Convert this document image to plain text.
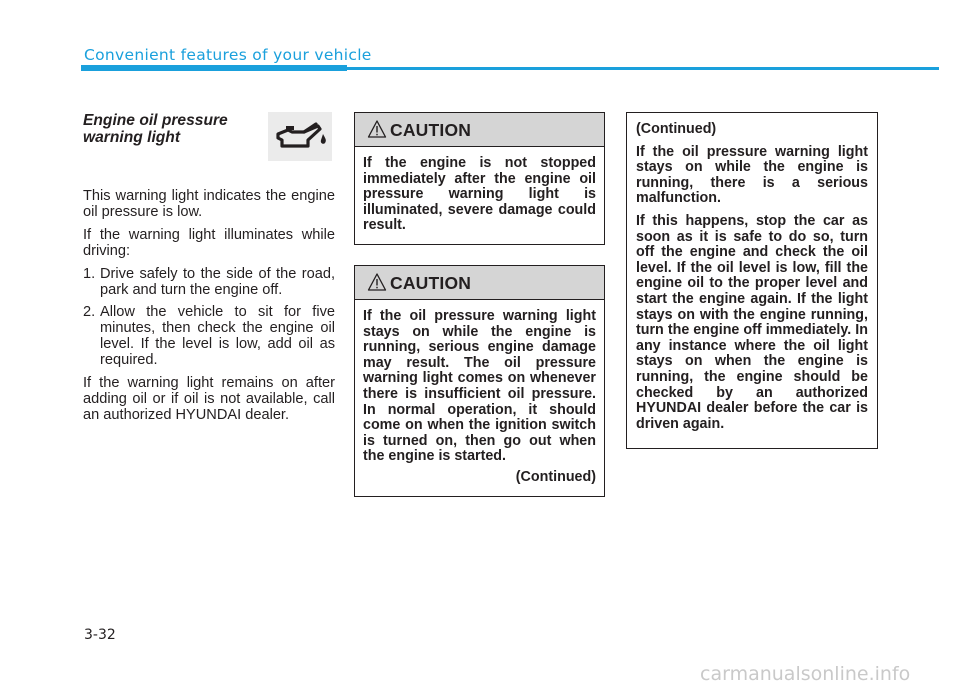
Convenient features of your vehicle
Engine oil pressure warning light

This warning light indicates the engine oil pressure is low.

If the warning light illuminates while driving:

1. Drive safely to the side of the road, park and turn the engine off.
2. Allow the vehicle to sit for five minutes, then check the engine oil level. If the level is low, add oil as required.

If the warning light remains on after adding oil or if oil is not available, call an authorized HYUNDAI dealer.

CAUTION
If the engine is not stopped immediately after the engine oil pressure warning light is illuminated, severe damage could result.
CAUTION
If the oil pressure warning light stays on while the engine is running, serious engine damage may result. The oil pressure warning light comes on whenever there is insufficient oil pressure. In normal operation, it should come on when the ignition switch is turned on, then go out when the engine is started.
(Continued)

(Continued)

If the oil pressure warning light stays on while the engine is running, there is a serious malfunction.

If this happens, stop the car as soon as it is safe to do so, turn off the engine and check the oil level. If the oil level is low, fill the engine oil to the proper level and start the engine again. If the light stays on with the engine running, turn the engine off immediately. In any instance where the oil light stays on when the engine is running, the engine should be checked by an authorized HYUNDAI dealer before the car is driven again.

3-32
carmanualsonline.info
